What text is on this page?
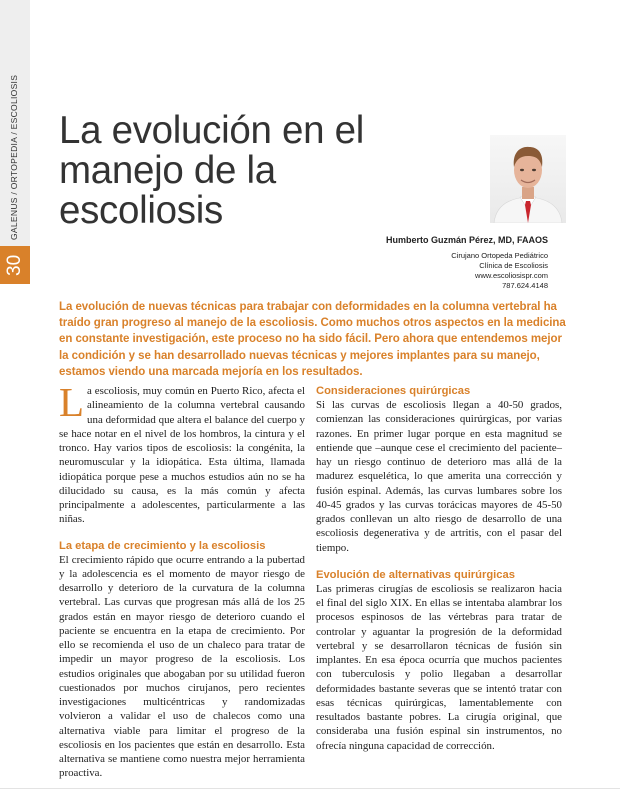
GALENUS / ORTOPEDIA / ESCOLIOSIS
30
La evolución en el
manejo de la
escoliosis
Humberto Guzmán Pérez, MD, FAAOS
Cirujano Ortopeda Pediátrico
Clínica de Escoliosis
www.escoliosispr.com
787.624.4148

La evolución de nuevas técnicas para trabajar con deformidades en la columna vertebral ha traído gran progreso al manejo de la escoliosis. Como muchos otros aspectos en la medicina en constante investigación, este proceso no ha sido fácil. Pero ahora que entendemos mejor la condición y se han desarrollado nuevas técnicas y mejores implantes para su manejo, estamos viendo una marcada mejoría en los resultados.

La escoliosis, muy común en Puerto Rico, afecta el alineamiento de la columna vertebral causando una deformidad que altera el balance del cuerpo y se hace notar en el nivel de los hombros, la cintura y el tronco. Hay varios tipos de escoliosis: la congénita, la neuromuscular y la idiopática. Esta última, llamada idiopática porque pese a muchos estudios aún no se ha dilucidado su causa, es la más común y afecta principalmente a adolescentes, particularmente a las niñas.

La etapa de crecimiento y la escoliosis

El crecimiento rápido que ocurre entrando a la pubertad y la adolescencia es el momento de mayor riesgo de desarrollo y deterioro de la curvatura de la columna vertebral. Las curvas que progresan más allá de los 25 grados están en mayor riesgo de deterioro cuando el paciente se encuentra en la etapa de crecimiento. Por ello se recomienda el uso de un chaleco para tratar de impedir un mayor progreso de la escoliosis. Los estudios originales que abogaban por su utilidad fueron cuestionados por muchos cirujanos, pero recientes investigaciones multicéntricas y randomizadas volvieron a validar el uso de chalecos como una alternativa viable para limitar el progreso de la escoliosis en los pacientes que están en desarrollo. Esta alternativa se mantiene como nuestra mejor herramienta proactiva.

Consideraciones quirúrgicas

Si las curvas de escoliosis llegan a 40-50 grados, comienzan las consideraciones quirúrgicas, por varias razones. En primer lugar porque en esta magnitud se entiende que –aunque cese el crecimiento del paciente– hay un riesgo continuo de deterioro mas allá de la madurez esquelética, lo que amerita una corrección y fusión espinal. Además, las curvas lumbares sobre los 40-45 grados y las curvas torácicas mayores de 45-50 grados conllevan un alto riesgo de desarrollo de una escoliosis degenerativa y de artritis, con el pasar del tiempo.

Evolución de alternativas quirúrgicas

Las primeras cirugías de escoliosis se realizaron hacia el final del siglo XIX. En ellas se intentaba alambrar los procesos espinosos de las vértebras para tratar de controlar y aguantar la progresión de la deformidad vertebral y se desarrollaron técnicas de fusión sin implantes. En esa época ocurría que muchos pacientes con tuberculosis y polio llegaban a desarrollar deformidades bastante severas que se intentó tratar con esas técnicas quirúrgicas, lamentablemente con resultados bastante pobres. La cirugía original, que consideraba una fusión espinal sin instrumentos, no ofrecía ninguna capacidad de corrección.
